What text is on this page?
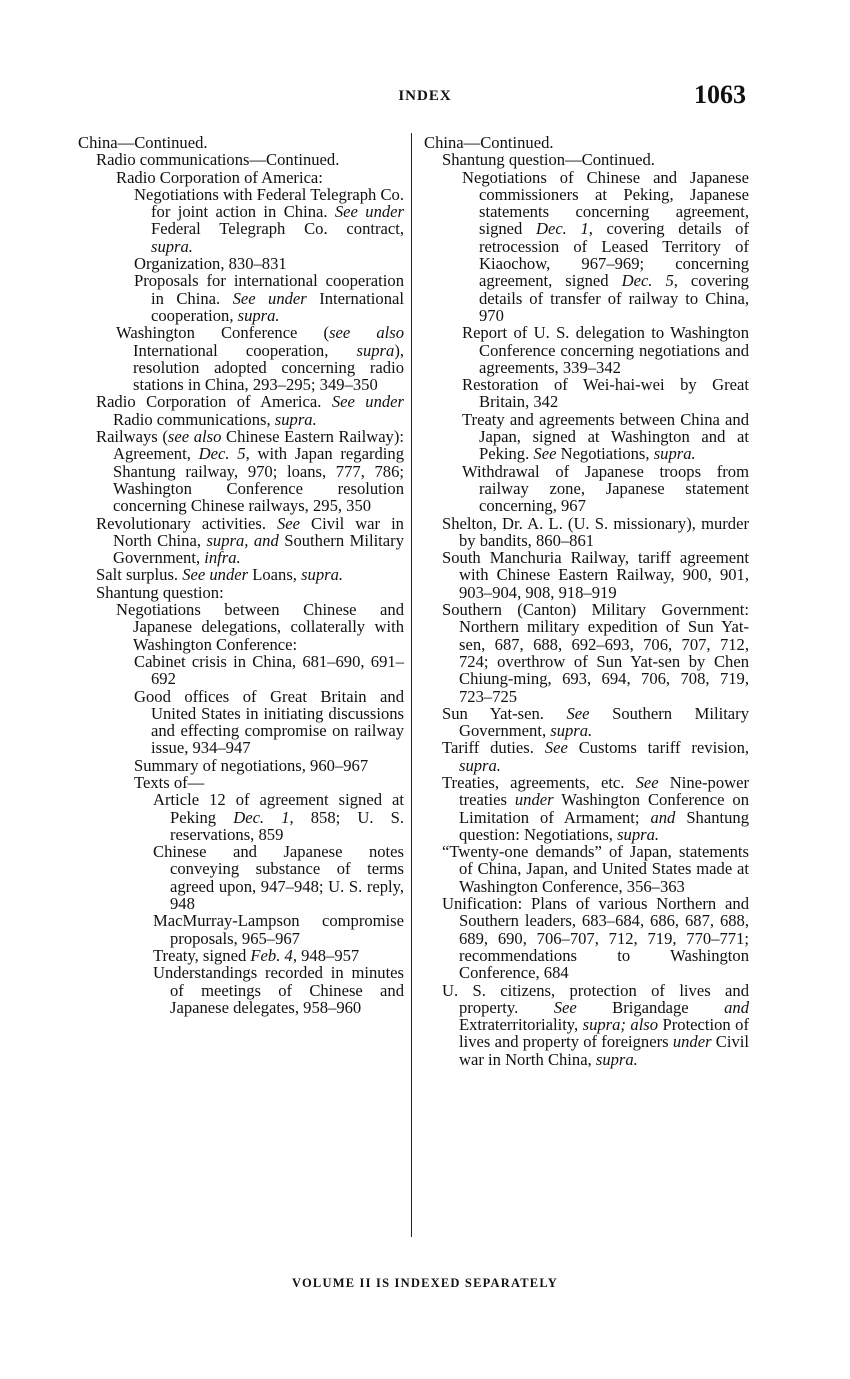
INDEX	1063

China—Continued.

Radio communications—Continued.

Radio Corporation of America:

Negotiations with Federal Telegraph Co. for joint action in China. See under Federal Telegraph Co. contract, supra.

Organization, 830–831

Proposals for international cooperation in China. See under International cooperation, supra.

Washington Conference (see also International cooperation, supra), resolution adopted concerning radio stations in China, 293–295; 349–350

Radio Corporation of America. See under Radio communications, supra.

Railways (see also Chinese Eastern Railway): Agreement, Dec. 5, with Japan regarding Shantung railway, 970; loans, 777, 786; Washington Conference resolution concerning Chinese railways, 295, 350

Revolutionary activities. See Civil war in North China, supra, and Southern Military Government, infra.

Salt surplus. See under Loans, supra.

Shantung question:

Negotiations between Chinese and Japanese delegations, collaterally with Washington Conference:

Cabinet crisis in China, 681–690, 691–692

Good offices of Great Britain and United States in initiating discussions and effecting compromise on railway issue, 934–947

Summary of negotiations, 960–967

Texts of—

Article 12 of agreement signed at Peking Dec. 1, 858; U. S. reservations, 859

Chinese and Japanese notes conveying substance of terms agreed upon, 947–948; U. S. reply, 948

MacMurray-Lampson compromise proposals, 965–967

Treaty, signed Feb. 4, 948–957

Understandings recorded in minutes of meetings of Chinese and Japanese delegates, 958–960

China—Continued.

Shantung question—Continued.

Negotiations of Chinese and Japanese commissioners at Peking, Japanese statements concerning agreement, signed Dec. 1, covering details of retrocession of Leased Territory of Kiaochow, 967–969; concerning agreement, signed Dec. 5, covering details of transfer of railway to China, 970

Report of U. S. delegation to Washington Conference concerning negotiations and agreements, 339–342

Restoration of Wei-hai-wei by Great Britain, 342

Treaty and agreements between China and Japan, signed at Washington and at Peking. See Negotiations, supra.

Withdrawal of Japanese troops from railway zone, Japanese statement concerning, 967

Shelton, Dr. A. L. (U. S. missionary), murder by bandits, 860–861

South Manchuria Railway, tariff agreement with Chinese Eastern Railway, 900, 901, 903–904, 908, 918–919

Southern (Canton) Military Government: Northern military expedition of Sun Yat-sen, 687, 688, 692–693, 706, 707, 712, 724; overthrow of Sun Yat-sen by Chen Chiung-ming, 693, 694, 706, 708, 719, 723–725

Sun Yat-sen. See Southern Military Government, supra.

Tariff duties. See Customs tariff revision, supra.

Treaties, agreements, etc. See Nine-power treaties under Washington Conference on Limitation of Armament; and Shantung question: Negotiations, supra.

“Twenty-one demands” of Japan, statements of China, Japan, and United States made at Washington Conference, 356–363

Unification: Plans of various Northern and Southern leaders, 683–684, 686, 687, 688, 689, 690, 706–707, 712, 719, 770–771; recommendations to Washington Conference, 684

U. S. citizens, protection of lives and property. See Brigandage and Extraterritoriality, supra; also Protection of lives and property of foreigners under Civil war in North China, supra.

VOLUME II IS INDEXED SEPARATELY
